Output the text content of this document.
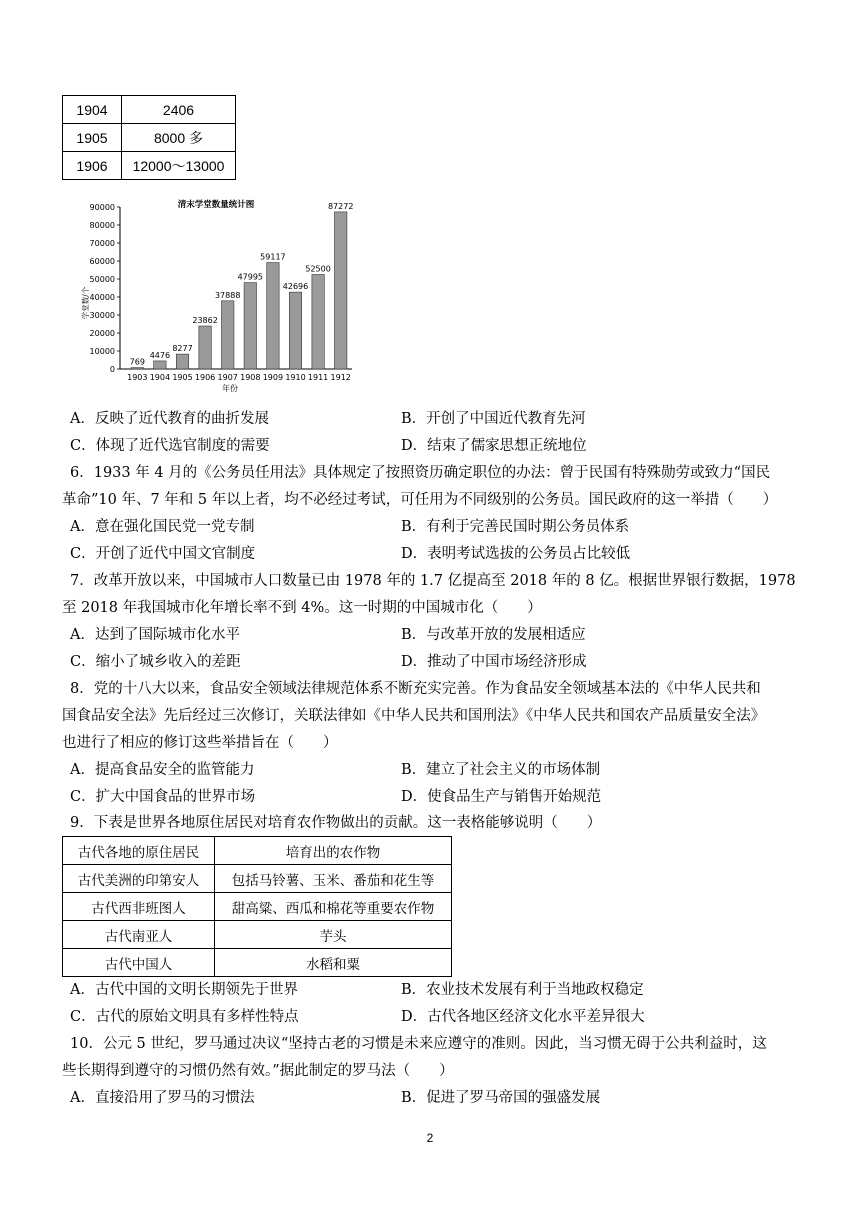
1904	2406
1905	8000 多
1906	12000～13000
清末学堂数量统计图
0
10000
20000
30000
40000
50000
60000
70000
80000
90000
学堂数/个
769
1903
4476
1904
8277
1905
23862
1906
37888
1907
47995
1908
59117
1909
42696
1910
52500
1911
87272
1912
年份
A．反映了近代教育的曲折发展	B．开创了中国近代教育先河
C．体现了近代选官制度的需要	D．结束了儒家思想正统地位
6．1933 年 4 月的《公务员任用法》具体规定了按照资历确定职位的办法：曾于民国有特殊勋劳或致力“国民
革命”10 年、7 年和 5 年以上者，均不必经过考试，可任用为不同级别的公务员。国民政府的这一举措（　　）
A．意在强化国民党一党专制	B．有利于完善民国时期公务员体系
C．开创了近代中国文官制度	D．表明考试选拔的公务员占比较低
7．改革开放以来，中国城市人口数量已由 1978 年的 1.7 亿提高至 2018 年的 8 亿。根据世界银行数据，1978
至 2018 年我国城市化年增长率不到 4%。这一时期的中国城市化（　　）
A．达到了国际城市化水平	B．与改革开放的发展相适应
C．缩小了城乡收入的差距	D．推动了中国市场经济形成
8．党的十八大以来，食品安全领域法律规范体系不断充实完善。作为食品安全领域基本法的《中华人民共和
国食品安全法》先后经过三次修订，关联法律如《中华人民共和国刑法》《中华人民共和国农产品质量安全法》
也进行了相应的修订这些举措旨在（　　）
A．提高食品安全的监管能力	B．建立了社会主义的市场体制
C．扩大中国食品的世界市场	D．使食品生产与销售开始规范
9．下表是世界各地原住居民对培育农作物做出的贡献。这一表格能够说明（　　）
古代各地的原住居民	培育出的农作物
古代美洲的印第安人	包括马铃薯、玉米、番茄和花生等
古代西非班图人	甜高粱、西瓜和棉花等重要农作物
古代南亚人	芋头
古代中国人	水稻和粟
A．古代中国的文明长期领先于世界	B．农业技术发展有利于当地政权稳定
C．古代的原始文明具有多样性特点	D．古代各地区经济文化水平差异很大
10．公元 5 世纪，罗马通过决议“坚持古老的习惯是未来应遵守的准则。因此，当习惯无碍于公共利益时，这
些长期得到遵守的习惯仍然有效。”据此制定的罗马法（　　）
A．直接沿用了罗马的习惯法	B．促进了罗马帝国的强盛发展
2
